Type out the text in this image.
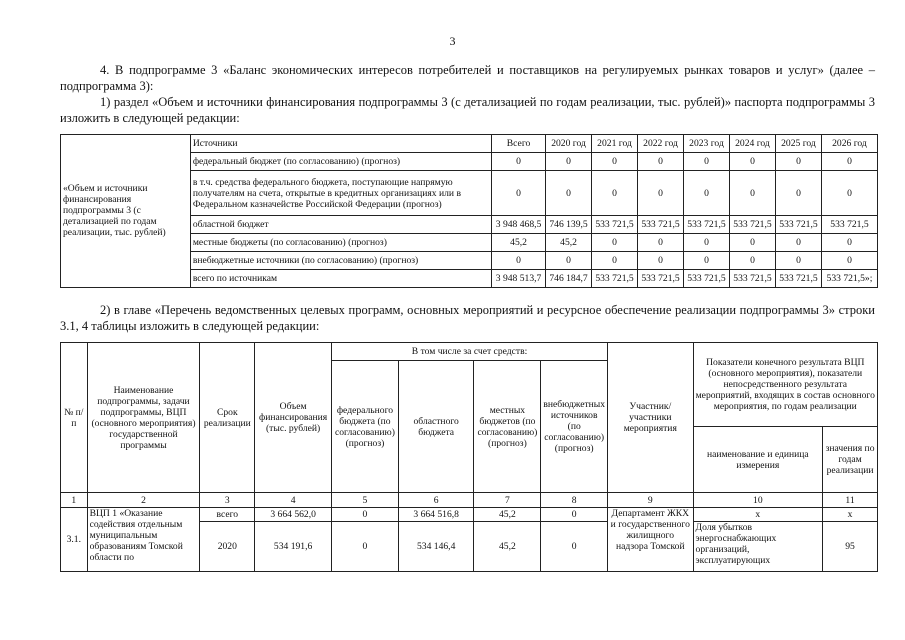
3
4. В подпрограмме 3 «Баланс экономических интересов потребителей и поставщиков на регулируемых рынках товаров и услуг» (далее – подпрограмма 3):
1) раздел «Объем и источники финансирования подпрограммы 3 (с детализацией по годам реализации, тыс. рублей)» паспорта подпрограммы 3 изложить в следующей редакции:
«Объем и источники финансирования подпрограммы 3 (с детализацией по годам реализации, тыс. рублей)	Источники	Всего	2020 год	2021 год	2022 год	2023 год	2024 год	2025 год	2026 год
	федеральный бюджет (по согласованию) (прогноз)	0	0	0	0	0	0	0	0
	в т.ч. средства федерального бюджета, поступающие напрямую получателям на счета, открытые в кредитных организациях или в Федеральном казначействе Российской Федерации (прогноз)	0	0	0	0	0	0	0	0
	областной бюджет	3 948 468,5	746 139,5	533 721,5	533 721,5	533 721,5	533 721,5	533 721,5	533 721,5
	местные бюджеты (по согласованию) (прогноз)	45,2	45,2	0	0	0	0	0	0
	внебюджетные источники (по согласованию) (прогноз)	0	0	0	0	0	0	0	0
	всего по источникам	3 948 513,7	746 184,7	533 721,5	533 721,5	533 721,5	533 721,5	533 721,5	533 721,5»;
2) в главе «Перечень ведомственных целевых программ, основных мероприятий и ресурсное обеспечение реализации подпрограммы 3» строки 3.1, 4 таблицы изложить в следующей редакции:
№ п/п	Наименование подпрограммы, задачи подпрограммы, ВЦП (основного мероприятия) государственной программы	Срок реализации	Объем финансирования (тыс. рублей)	В том числе за счет средств:				Участник/ участники мероприятия	Показатели конечного результата ВЦП (основного мероприятия), показатели непосредственного результата мероприятий, входящих в состав основного мероприятия, по годам реализации	
				федерального бюджета (по согласованию) (прогноз)	областного бюджета	местных бюджетов (по согласованию) (прогноз)	внебюджетных источников (по согласованию) (прогноз)			
									наименование и единица измерения	значения по годам реализации
1	2	3	4	5	6	7	8	9	10	11
3.1.	ВЦП 1 «Оказание содействия отдельным муниципальным образованиям Томской области по	всего	3 664 562,0	0	3 664 516,8	45,2	0	Департамент ЖКХ и государственного жилищного надзора Томской	x	x
		2020	534 191,6	0	534 146,4	45,2	0		Доля убытков энергоснабжающих организаций, эксплуатирующих	95
